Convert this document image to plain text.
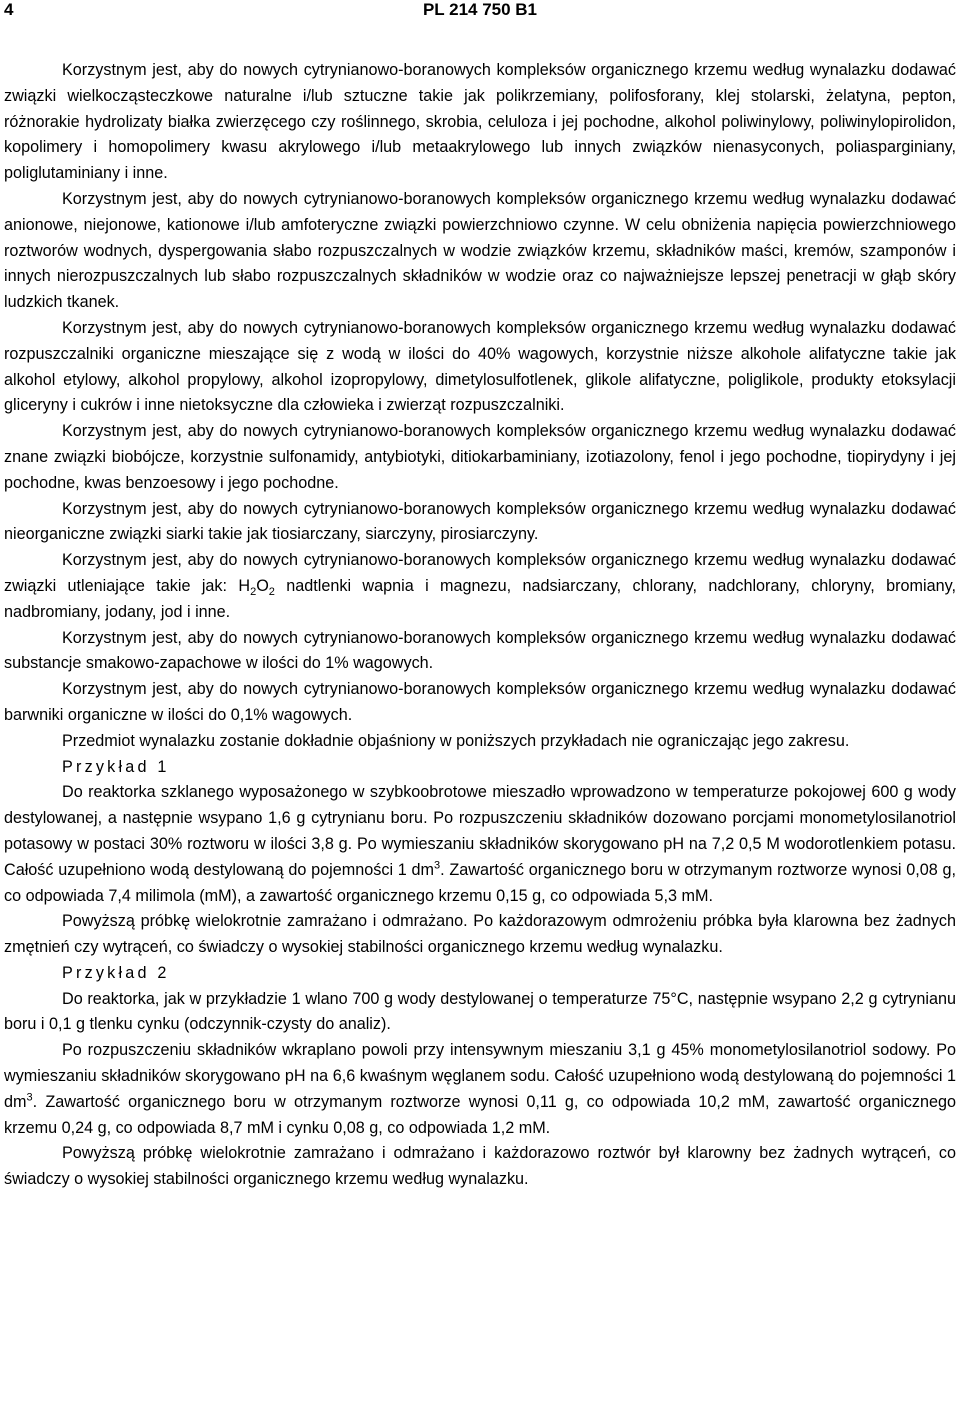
4	PL 214 750 B1

Korzystnym jest, aby do nowych cytrynianowo-boranowych kompleksów organicznego krzemu według wynalazku dodawać związki wielkocząsteczkowe naturalne i/lub sztuczne takie jak polikrzemiany, polifosforany, klej stolarski, żelatyna, pepton, różnorakie hydrolizaty białka zwierzęcego czy roślinnego, skrobia, celuloza i jej pochodne, alkohol poliwinylowy, poliwinylopirolidon, kopolimery i homopolimery kwasu akrylowego i/lub metaakrylowego lub innych związków nienasyconych, poliasparginiany, poliglutaminiany i inne.

Korzystnym jest, aby do nowych cytrynianowo-boranowych kompleksów organicznego krzemu według wynalazku dodawać anionowe, niejonowe, kationowe i/lub amfoteryczne związki powierzchniowo czynne. W celu obniżenia napięcia powierzchniowego roztworów wodnych, dyspergowania słabo rozpuszczalnych w wodzie związków krzemu, składników maści, kremów, szamponów i innych nierozpuszczalnych lub słabo rozpuszczalnych składników w wodzie oraz co najważniejsze lepszej penetracji w głąb skóry ludzkich tkanek.

Korzystnym jest, aby do nowych cytrynianowo-boranowych kompleksów organicznego krzemu według wynalazku dodawać rozpuszczalniki organiczne mieszające się z wodą w ilości do 40% wagowych, korzystnie niższe alkohole alifatyczne takie jak alkohol etylowy, alkohol propylowy, alkohol izopropylowy, dimetylosulfotlenek, glikole alifatyczne, poliglikole, produkty etoksylacji gliceryny i cukrów i inne nietoksyczne dla człowieka i zwierząt rozpuszczalniki.

Korzystnym jest, aby do nowych cytrynianowo-boranowych kompleksów organicznego krzemu według wynalazku dodawać znane związki biobójcze, korzystnie sulfonamidy, antybiotyki, ditiokarbaminiany, izotiazolony, fenol i jego pochodne, tiopirydyny i jej pochodne, kwas benzoesowy i jego pochodne.

Korzystnym jest, aby do nowych cytrynianowo-boranowych kompleksów organicznego krzemu według wynalazku dodawać nieorganiczne związki siarki takie jak tiosiarczany, siarczyny, pirosiarczyny.

Korzystnym jest, aby do nowych cytrynianowo-boranowych kompleksów organicznego krzemu według wynalazku dodawać związki utleniające takie jak: $H_2O_2$ nadtlenki wapnia i magnezu, nadsiarczany, chlorany, nadchlorany, chloryny, bromiany, nadbromiany, jodany, jod i inne.

Korzystnym jest, aby do nowych cytrynianowo-boranowych kompleksów organicznego krzemu według wynalazku dodawać substancje smakowo-zapachowe w ilości do 1% wagowych.

Korzystnym jest, aby do nowych cytrynianowo-boranowych kompleksów organicznego krzemu według wynalazku dodawać barwniki organiczne w ilości do 0,1% wagowych.

Przedmiot wynalazku zostanie dokładnie objaśniony w poniższych przykładach nie ograniczając jego zakresu.

Przykład 1

Do reaktorka szklanego wyposażonego w szybkoobrotowe mieszadło wprowadzono w temperaturze pokojowej 600 g wody destylowanej, a następnie wsypano 1,6 g cytrynianu boru. Po rozpuszczeniu składników dozowano porcjami monometylosilanotriol potasowy w postaci 30% roztworu w ilości 3,8 g. Po wymieszaniu składników skorygowano pH na 7,2 0,5 M wodorotlenkiem potasu. Całość uzupełniono wodą destylowaną do pojemności 1 $dm^3$. Zawartość organicznego boru w otrzymanym roztworze wynosi 0,08 g, co odpowiada 7,4 milimola (mM), a zawartość organicznego krzemu 0,15 g, co odpowiada 5,3 mM.

Powyższą próbkę wielokrotnie zamrażano i odmrażano. Po każdorazowym odmrożeniu próbka była klarowna bez żadnych zmętnień czy wytrąceń, co świadczy o wysokiej stabilności organicznego krzemu według wynalazku.

Przykład 2

Do reaktorka, jak w przykładzie 1 wlano 700 g wody destylowanej o temperaturze 75°C, następnie wsypano 2,2 g cytrynianu boru i 0,1 g tlenku cynku (odczynnik-czysty do analiz).

Po rozpuszczeniu składników wkraplano powoli przy intensywnym mieszaniu 3,1 g 45% monometylosilanotriol sodowy. Po wymieszaniu składników skorygowano pH na 6,6 kwaśnym węglanem sodu. Całość uzupełniono wodą destylowaną do pojemności 1 $dm^3$. Zawartość organicznego boru w otrzymanym roztworze wynosi 0,11 g, co odpowiada 10,2 mM, zawartość organicznego krzemu 0,24 g, co odpowiada 8,7 mM i cynku 0,08 g, co odpowiada 1,2 mM.

Powyższą próbkę wielokrotnie zamrażano i odmrażano i każdorazowo roztwór był klarowny bez żadnych wytrąceń, co świadczy o wysokiej stabilności organicznego krzemu według wynalazku.
